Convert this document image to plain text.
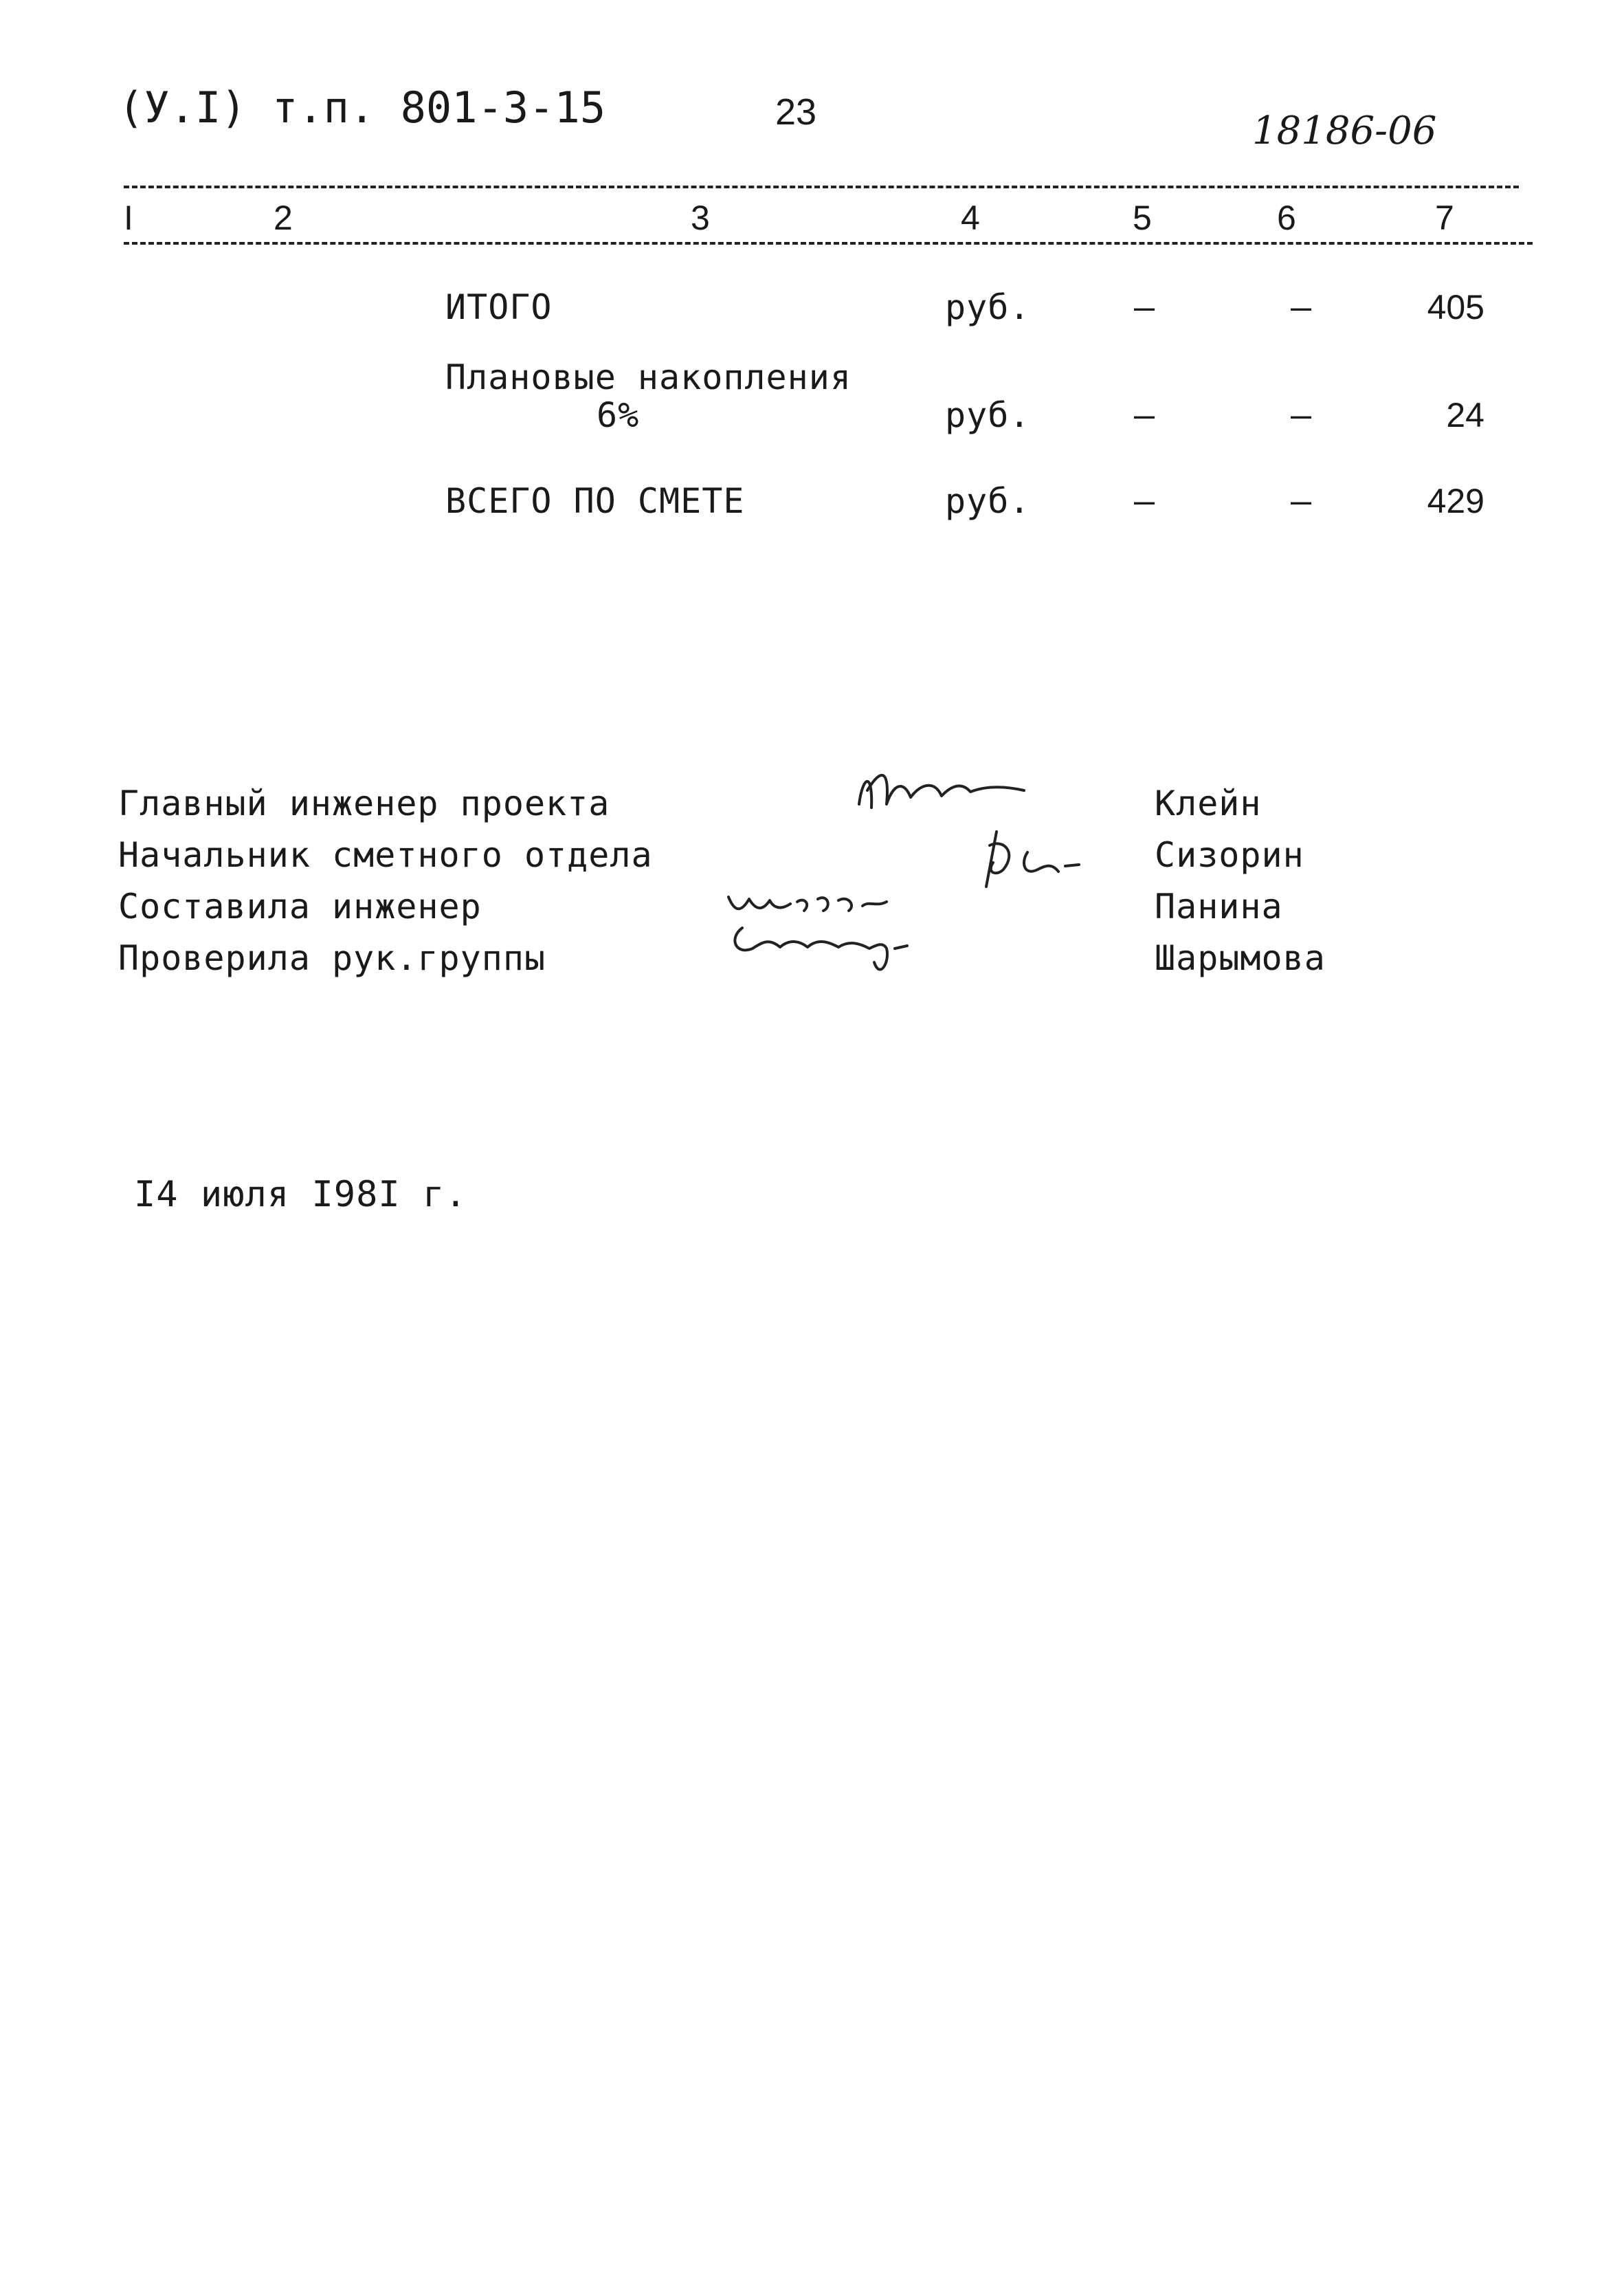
(У.I) т.п. 801-3-15	23	18186-06
I	2	3	4	5	6	7
ИТОГО	руб.	–	–	405
Плановые накопления
6%	руб.	–	–	24
ВСЕГО ПО СМЕТЕ	руб.	–	–	429
Главный инженер проекта	Клейн
Начальник сметного отдела	Сизорин
Составила инженер	Панина
Проверила рук.группы	Шарымова
I4 июля I98I г.
